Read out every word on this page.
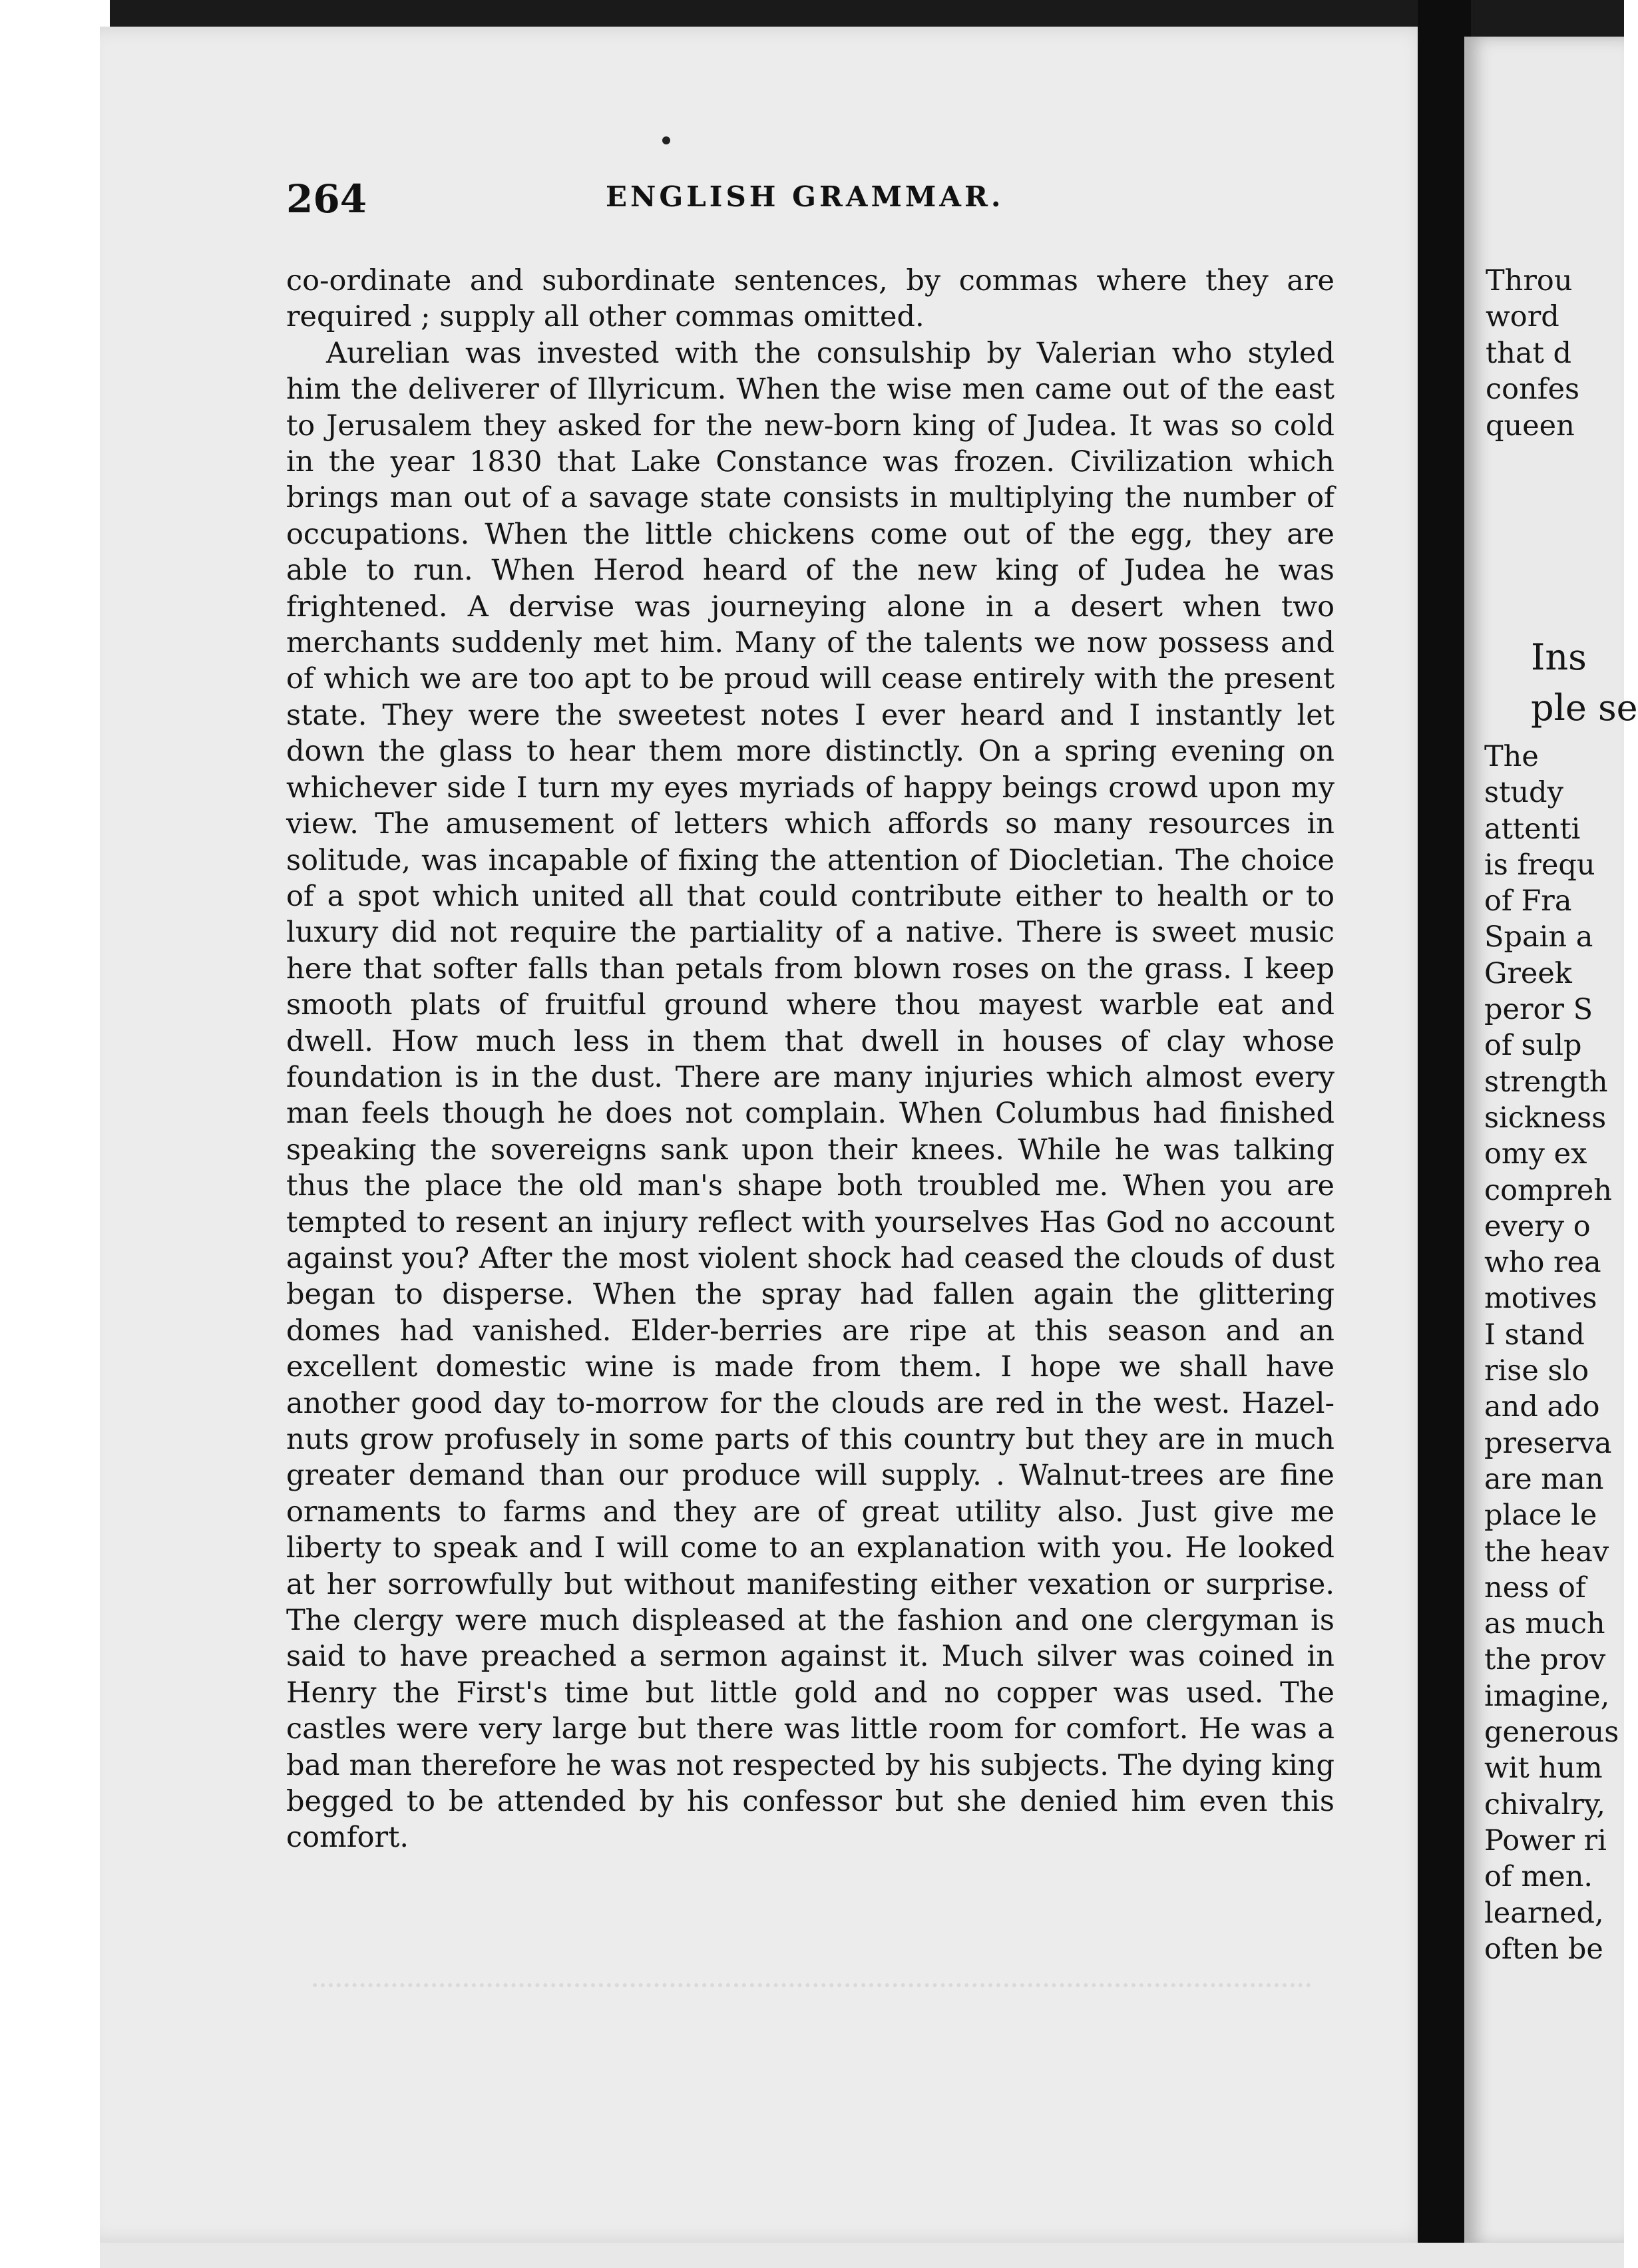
264	ENGLISH GRAMMAR.

co-ordinate and subordinate sentences, by commas where they are required ; supply all other commas omitted.

Aurelian was invested with the consulship by Valerian who styled him the deliverer of Illyricum. When the wise men came out of the east to Jerusalem they asked for the new-born king of Judea. It was so cold in the year 1830 that Lake Constance was frozen. Civilization which brings man out of a savage state consists in multiplying the number of occupations. When the little chickens come out of the egg, they are able to run. When Herod heard of the new king of Judea he was frightened. A dervise was journeying alone in a desert when two merchants suddenly met him. Many of the talents we now possess and of which we are too apt to be proud will cease entirely with the present state. They were the sweetest notes I ever heard and I instantly let down the glass to hear them more distinctly. On a spring evening on whichever side I turn my eyes myriads of happy beings crowd upon my view. The amusement of letters which affords so many resources in solitude, was incapable of fixing the attention of Diocletian. The choice of a spot which united all that could contribute either to health or to luxury did not require the partiality of a native. There is sweet music here that softer falls than petals from blown roses on the grass. I keep smooth plats of fruitful ground where thou mayest warble eat and dwell. How much less in them that dwell in houses of clay whose foundation is in the dust. There are many injuries which almost every man feels though he does not complain. When Columbus had finished speaking the sovereigns sank upon their knees. While he was talking thus the place the old man's shape both troubled me. When you are tempted to resent an injury reflect with yourselves Has God no account against you? After the most violent shock had ceased the clouds of dust began to disperse. When the spray had fallen again the glittering domes had vanished. Elder-berries are ripe at this season and an excellent domestic wine is made from them. I hope we shall have another good day to-morrow for the clouds are red in the west. Hazel-nuts grow profusely in some parts of this country but they are in much greater demand than our produce will supply. . Walnut-trees are fine ornaments to farms and they are of great utility also. Just give me liberty to speak and I will come to an explanation with you. He looked at her sorrowfully but without manifesting either vexation or surprise. The clergy were much displeased at the fashion and one clergyman is said to have preached a sermon against it. Much silver was coined in Henry the First's time but little gold and no copper was used. The castles were very large but there was little room for comfort. He was a bad man therefore he was not respected by his subjects. The dying king begged to be attended by his confessor but she denied him even this comfort.

Throu
word
that d
confes
queen
Ins
ple se
The
study
attenti
is frequ
of Fra
Spain a
Greek
peror S
of sulp
strength
sickness
omy ex
compreh
every o
who rea
motives
I stand
rise slo
and ado
preserva
are man
place le
the heav
ness of
as much
the prov
imagine,
generous
wit hum
chivalry,
Power ri
of men.
learned,
often be
